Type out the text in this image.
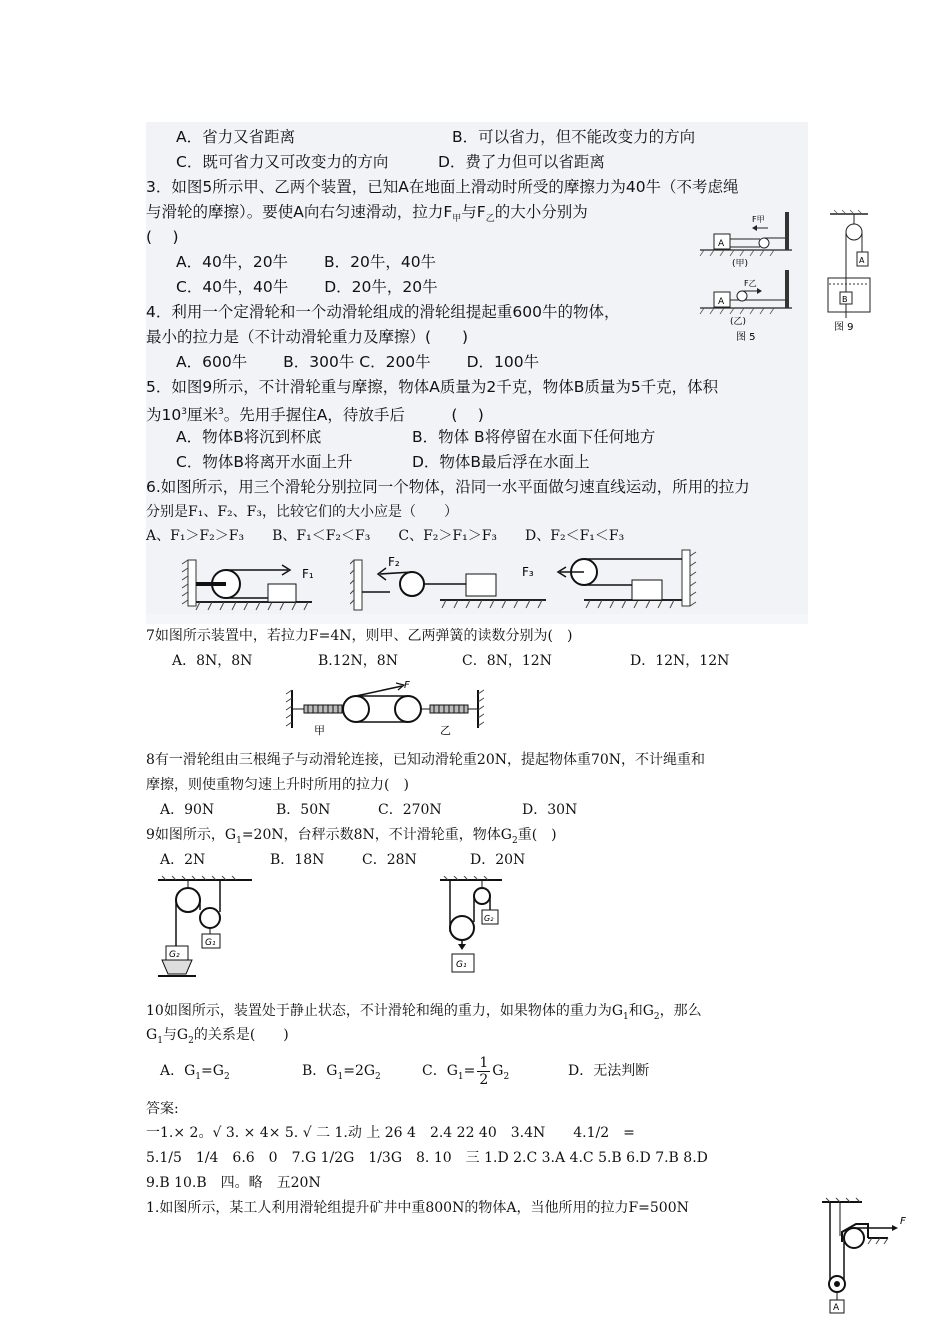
A．省力又省距离	B．可以省力，但不能改变力的方向
C．既可省力又可改变力的方向	D．费了力但可以省距离
3．如图5所示甲、乙两个装置，已知A在地面上滑动时所受的摩擦力为40牛（不考虑绳
与滑轮的摩擦）。要使A向右匀速滑动，拉力$F_甲$与$F_乙$的大小分别为
(　 )
A．40牛，20牛　　 B．20牛，40牛
C．40牛，40牛　　 D．20牛，20牛
4．利用一个定滑轮和一个动滑轮组成的滑轮组提起重600牛的物体，
最小的拉力是（不计动滑轮重力及摩擦）(　　)
A．600牛　　 B．300牛 C．200牛　　 D．100牛
A
F甲
(甲)
A
F乙
(乙)
图 5
A
B
图 9
5．如图9所示，不计滑轮重与摩擦，物体A质量为2千克，物体B质量为5千克，体积
为$10^3$厘米$^3$。先用手握住A，待放手后　　　(　 )
A．物体B将沉到杯底	B．物体 B将停留在水面下任何地方
C．物体B将离开水面上升	D．物体B最后浮在水面上
6.如图所示，用三个滑轮分别拉同一个物体，沿同一水平面做匀速直线运动，所用的拉力
分别是F₁、F₂、F₃，比较它们的大小应是（　　）
A、F₁＞F₂＞F₃　　B、F₁＜F₂＜F₃　　C、F₂＞F₁＞F₃　　D、F₂＜F₁＜F₃
F₁
F₂
F₃
7如图所示装置中，若拉力F=4N，则甲、乙两弹簧的读数分别为(　)
A．8N，8N	B.12N，8N	C．8N，12N	D．12N，12N
F
甲	乙
8有一滑轮组由三根绳子与动滑轮连接，已知动滑轮重20N，提起物体重70N，不计绳重和
摩擦，则使重物匀速上升时所用的拉力(　)
A．90N	B．50N	C．270N	D．30N
9如图所示，$G_1=20N$，台秤示数8N，不计滑轮重，物体$G_2$重(　)
A．2N	B．18N	C．28N	D．20N
G₁
G₂
G₂
G₁
10如图所示，装置处于静止状态，不计滑轮和绳的重力，如果物体的重力为$G_1$和$G_2$，那么
$G_1$与$G_2$的关系是(　　)
A．$G_1=G_2$	B．$G_1=2G_2$	C．$G_1= \frac{1}{2} G_2$	D．无法判断
答案:
一1.× 2。√ 3. × 4× 5. √ 二 1.动 上 26 4　2.4 22 40　3.4N　　4.1/2　=
5.1/5　1/4　6.6　0　7.G 1/2G　1/3G　8. 10　三 1.D 2.C 3.A 4.C 5.B 6.D 7.B 8.D
9.B 10.B　四。略　五20N
1.如图所示，某工人利用滑轮组提升矿井中重800N的物体A，当他所用的拉力F=500N
F
A
